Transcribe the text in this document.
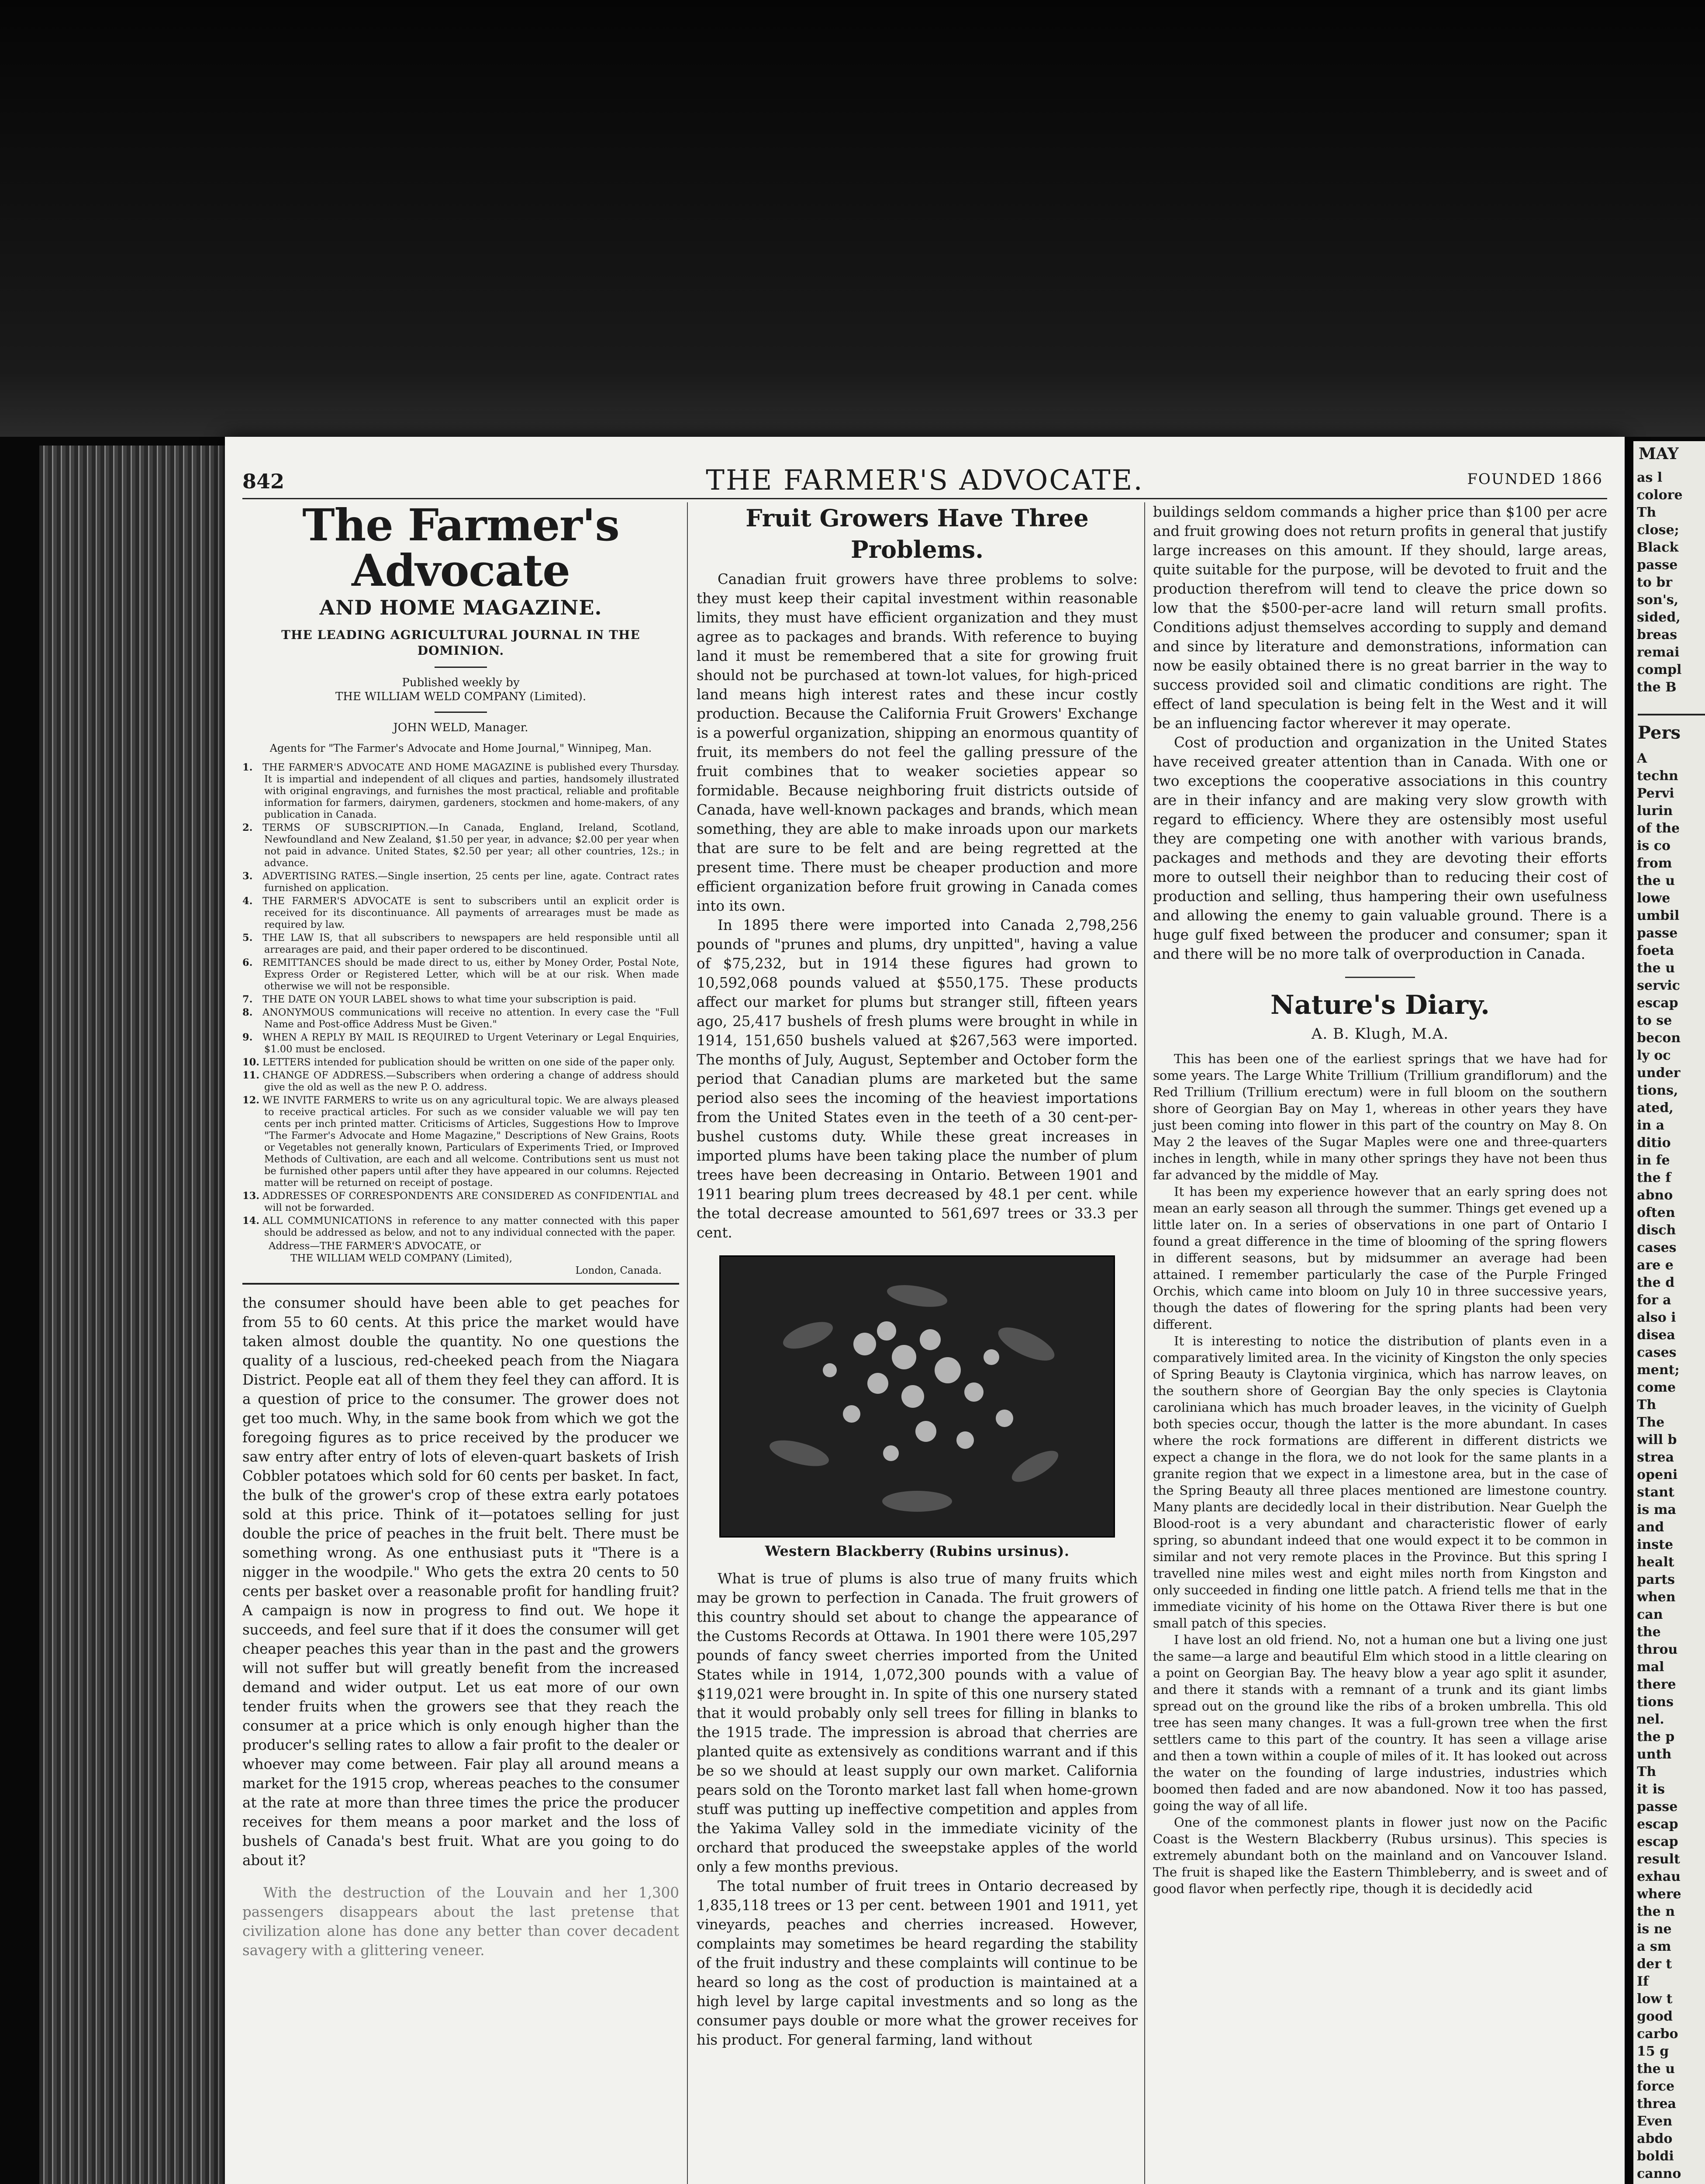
842	THE FARMER'S ADVOCATE.	FOUNDED 1866
The Farmer's Advocate
AND HOME MAGAZINE.
THE LEADING AGRICULTURAL JOURNAL IN THE DOMINION.
Published weekly by
THE WILLIAM WELD COMPANY (Limited).
JOHN WELD, Manager.
Agents for "The Farmer's Advocate and Home Journal," Winnipeg, Man.
1. THE FARMER'S ADVOCATE AND HOME MAGAZINE is published every Thursday. It is impartial and independent of all cliques and parties, handsomely illustrated with original engravings, and furnishes the most practical, reliable and profitable information for farmers, dairymen, gardeners, stockmen and home-makers, of any publication in Canada.
2. TERMS OF SUBSCRIPTION.—In Canada, England, Ireland, Scotland, Newfoundland and New Zealand, $1.50 per year, in advance; $2.00 per year when not paid in advance. United States, $2.50 per year; all other countries, 12s.; in advance.
3. ADVERTISING RATES.—Single insertion, 25 cents per line, agate. Contract rates furnished on application.
4. THE FARMER'S ADVOCATE is sent to subscribers until an explicit order is received for its discontinuance. All payments of arrearages must be made as required by law.
5. THE LAW IS, that all subscribers to newspapers are held responsible until all arrearages are paid, and their paper ordered to be discontinued.
6. REMITTANCES should be made direct to us, either by Money Order, Postal Note, Express Order or Registered Letter, which will be at our risk. When made otherwise we will not be responsible.
7. THE DATE ON YOUR LABEL shows to what time your subscription is paid.
8. ANONYMOUS communications will receive no attention. In every case the "Full Name and Post-office Address Must be Given."
9. WHEN A REPLY BY MAIL IS REQUIRED to Urgent Veterinary or Legal Enquiries, $1.00 must be enclosed.
10. LETTERS intended for publication should be written on one side of the paper only.
11. CHANGE OF ADDRESS.—Subscribers when ordering a change of address should give the old as well as the new P. O. address.
12. WE INVITE FARMERS to write us on any agricultural topic. We are always pleased to receive practical articles. For such as we consider valuable we will pay ten cents per inch printed matter. Criticisms of Articles, Suggestions How to Improve "The Farmer's Advocate and Home Magazine," Descriptions of New Grains, Roots or Vegetables not generally known, Particulars of Experiments Tried, or Improved Methods of Cultivation, are each and all welcome. Contributions sent us must not be furnished other papers until after they have appeared in our columns. Rejected matter will be returned on receipt of postage.
13. ADDRESSES OF CORRESPONDENTS ARE CONSIDERED AS CONFIDENTIAL and will not be forwarded.
14. ALL COMMUNICATIONS in reference to any matter connected with this paper should be addressed as below, and not to any individual connected with the paper.
Address—THE FARMER'S ADVOCATE, or
THE WILLIAM WELD COMPANY (Limited),
London, Canada.

the consumer should have been able to get peaches for from 55 to 60 cents. At this price the market would have taken almost double the quantity. No one questions the quality of a luscious, red-cheeked peach from the Niagara District. People eat all of them they feel they can afford. It is a question of price to the consumer. The grower does not get too much. Why, in the same book from which we got the foregoing figures as to price received by the producer we saw entry after entry of lots of eleven-quart baskets of Irish Cobbler potatoes which sold for 60 cents per basket. In fact, the bulk of the grower's crop of these extra early potatoes sold at this price. Think of it—potatoes selling for just double the price of peaches in the fruit belt. There must be something wrong. As one enthusiast puts it "There is a nigger in the woodpile." Who gets the extra 20 cents to 50 cents per basket over a reasonable profit for handling fruit? A campaign is now in progress to find out. We hope it succeeds, and feel sure that if it does the consumer will get cheaper peaches this year than in the past and the growers will not suffer but will greatly benefit from the increased demand and wider output. Let us eat more of our own tender fruits when the growers see that they reach the consumer at a price which is only enough higher than the producer's selling rates to allow a fair profit to the dealer or whoever may come between. Fair play all around means a market for the 1915 crop, whereas peaches to the consumer at the rate at more than three times the price the producer receives for them means a poor market and the loss of bushels of Canada's best fruit. What are you going to do about it?

With the destruction of the Louvain and her 1,300 passengers disappears about the last pretense that civilization alone has done any better than cover decadent savagery with a glittering veneer.

Fruit Growers Have Three Problems.

Canadian fruit growers have three problems to solve: they must keep their capital investment within reasonable limits, they must have efficient organization and they must agree as to packages and brands. With reference to buying land it must be remembered that a site for growing fruit should not be purchased at town-lot values, for high-priced land means high interest rates and these incur costly production. Because the California Fruit Growers' Exchange is a powerful organization, shipping an enormous quantity of fruit, its members do not feel the galling pressure of the fruit combines that to weaker societies appear so formidable. Because neighboring fruit districts outside of Canada, have well-known packages and brands, which mean something, they are able to make inroads upon our markets that are sure to be felt and are being regretted at the present time. There must be cheaper production and more efficient organization before fruit growing in Canada comes into its own.

In 1895 there were imported into Canada 2,798,256 pounds of "prunes and plums, dry unpitted", having a value of $75,232, but in 1914 these figures had grown to 10,592,068 pounds valued at $550,175. These products affect our market for plums but stranger still, fifteen years ago, 25,417 bushels of fresh plums were brought in while in 1914, 151,650 bushels valued at $267,563 were imported. The months of July, August, September and October form the period that Canadian plums are marketed but the same period also sees the incoming of the heaviest importations from the United States even in the teeth of a 30 cent-per-bushel customs duty. While these great increases in imported plums have been taking place the number of plum trees have been decreasing in Ontario. Between 1901 and 1911 bearing plum trees decreased by 48.1 per cent. while the total decrease amounted to 561,697 trees or 33.3 per cent.

Western Blackberry (Rubins ursinus).

What is true of plums is also true of many fruits which may be grown to perfection in Canada. The fruit growers of this country should set about to change the appearance of the Customs Records at Ottawa. In 1901 there were 105,297 pounds of fancy sweet cherries imported from the United States while in 1914, 1,072,300 pounds with a value of $119,021 were brought in. In spite of this one nursery stated that it would probably only sell trees for filling in blanks to the 1915 trade. The impression is abroad that cherries are planted quite as extensively as conditions warrant and if this be so we should at least supply our own market. California pears sold on the Toronto market last fall when home-grown stuff was putting up ineffective competition and apples from the Yakima Valley sold in the immediate vicinity of the orchard that produced the sweepstake apples of the world only a few months previous.

The total number of fruit trees in Ontario decreased by 1,835,118 trees or 13 per cent. between 1901 and 1911, yet vineyards, peaches and cherries increased. However, complaints may sometimes be heard regarding the stability of the fruit industry and these complaints will continue to be heard so long as the cost of production is maintained at a high level by large capital investments and so long as the consumer pays double or more what the grower receives for his product. For general farming, land without

buildings seldom commands a higher price than $100 per acre and fruit growing does not return profits in general that justify large increases on this amount. If they should, large areas, quite suitable for the purpose, will be devoted to fruit and the production therefrom will tend to cleave the price down so low that the $500-per-acre land will return small profits. Conditions adjust themselves according to supply and demand and since by literature and demonstrations, information can now be easily obtained there is no great barrier in the way to success provided soil and climatic conditions are right. The effect of land speculation is being felt in the West and it will be an influencing factor wherever it may operate.

Cost of production and organization in the United States have received greater attention than in Canada. With one or two exceptions the cooperative associations in this country are in their infancy and are making very slow growth with regard to efficiency. Where they are ostensibly most useful they are competing one with another with various brands, packages and methods and they are devoting their efforts more to outsell their neighbor than to reducing their cost of production and selling, thus hampering their own usefulness and allowing the enemy to gain valuable ground. There is a huge gulf fixed between the producer and consumer; span it and there will be no more talk of overproduction in Canada.

Nature's Diary.
A. B. Klugh, M.A.

This has been one of the earliest springs that we have had for some years. The Large White Trillium (Trillium grandiflorum) and the Red Trillium (Trillium erectum) were in full bloom on the southern shore of Georgian Bay on May 1, whereas in other years they have just been coming into flower in this part of the country on May 8. On May 2 the leaves of the Sugar Maples were one and three-quarters inches in length, while in many other springs they have not been thus far advanced by the middle of May.

It has been my experience however that an early spring does not mean an early season all through the summer. Things get evened up a little later on. In a series of observations in one part of Ontario I found a great difference in the time of blooming of the spring flowers in different seasons, but by midsummer an average had been attained. I remember particularly the case of the Purple Fringed Orchis, which came into bloom on July 10 in three successive years, though the dates of flowering for the spring plants had been very different.

It is interesting to notice the distribution of plants even in a comparatively limited area. In the vicinity of Kingston the only species of Spring Beauty is Claytonia virginica, which has narrow leaves, on the southern shore of Georgian Bay the only species is Claytonia caroliniana which has much broader leaves, in the vicinity of Guelph both species occur, though the latter is the more abundant. In cases where the rock formations are different in different districts we expect a change in the flora, we do not look for the same plants in a granite region that we expect in a limestone area, but in the case of the Spring Beauty all three places mentioned are limestone country. Many plants are decidedly local in their distribution. Near Guelph the Blood-root is a very abundant and characteristic flower of early spring, so abundant indeed that one would expect it to be common in similar and not very remote places in the Province. But this spring I travelled nine miles west and eight miles north from Kingston and only succeeded in finding one little patch. A friend tells me that in the immediate vicinity of his home on the Ottawa River there is but one small patch of this species.

I have lost an old friend. No, not a human one but a living one just the same—a large and beautiful Elm which stood in a little clearing on a point on Georgian Bay. The heavy blow a year ago split it asunder, and there it stands with a remnant of a trunk and its giant limbs spread out on the ground like the ribs of a broken umbrella. This old tree has seen many changes. It was a full-grown tree when the first settlers came to this part of the country. It has seen a village arise and then a town within a couple of miles of it. It has looked out across the water on the founding of large industries, industries which boomed then faded and are now abandoned. Now it too has passed, going the way of all life.

One of the commonest plants in flower just now on the Pacific Coast is the Western Blackberry (Rubus ursinus). This species is extremely abundant both on the mainland and on Vancouver Island. The fruit is shaped like the Eastern Thimbleberry, and is sweet and of good flavor when perfectly ripe, though it is decidedly acid

MAY
as l
colore
Th
close;
Black
passe
to br
son's,
sided,
breas
remai
compl
the B
Pers
A
techn
Pervi
lurin
of the
is co
from
the u
lowe
umbil
passe
foeta
the u
servic
escap
to se
becon
ly oc
under
tions,
ated,
in a
ditio
in fe
the f
abno
often
disch
cases
are e
the d
for a
also i
disea
cases
ment;
come
Th
The
will b
strea
openi
stant
is ma
and
inste
healt
parts
when
can
the
throu
mal
there
tions
nel.
the p
unth
Th
it is
passe
escap
escap
result
exhau
where
the n
is ne
a sm
der t
If
low t
good
carbo
15 g
the u
force
threa
Even
abdo
boldi
canno
